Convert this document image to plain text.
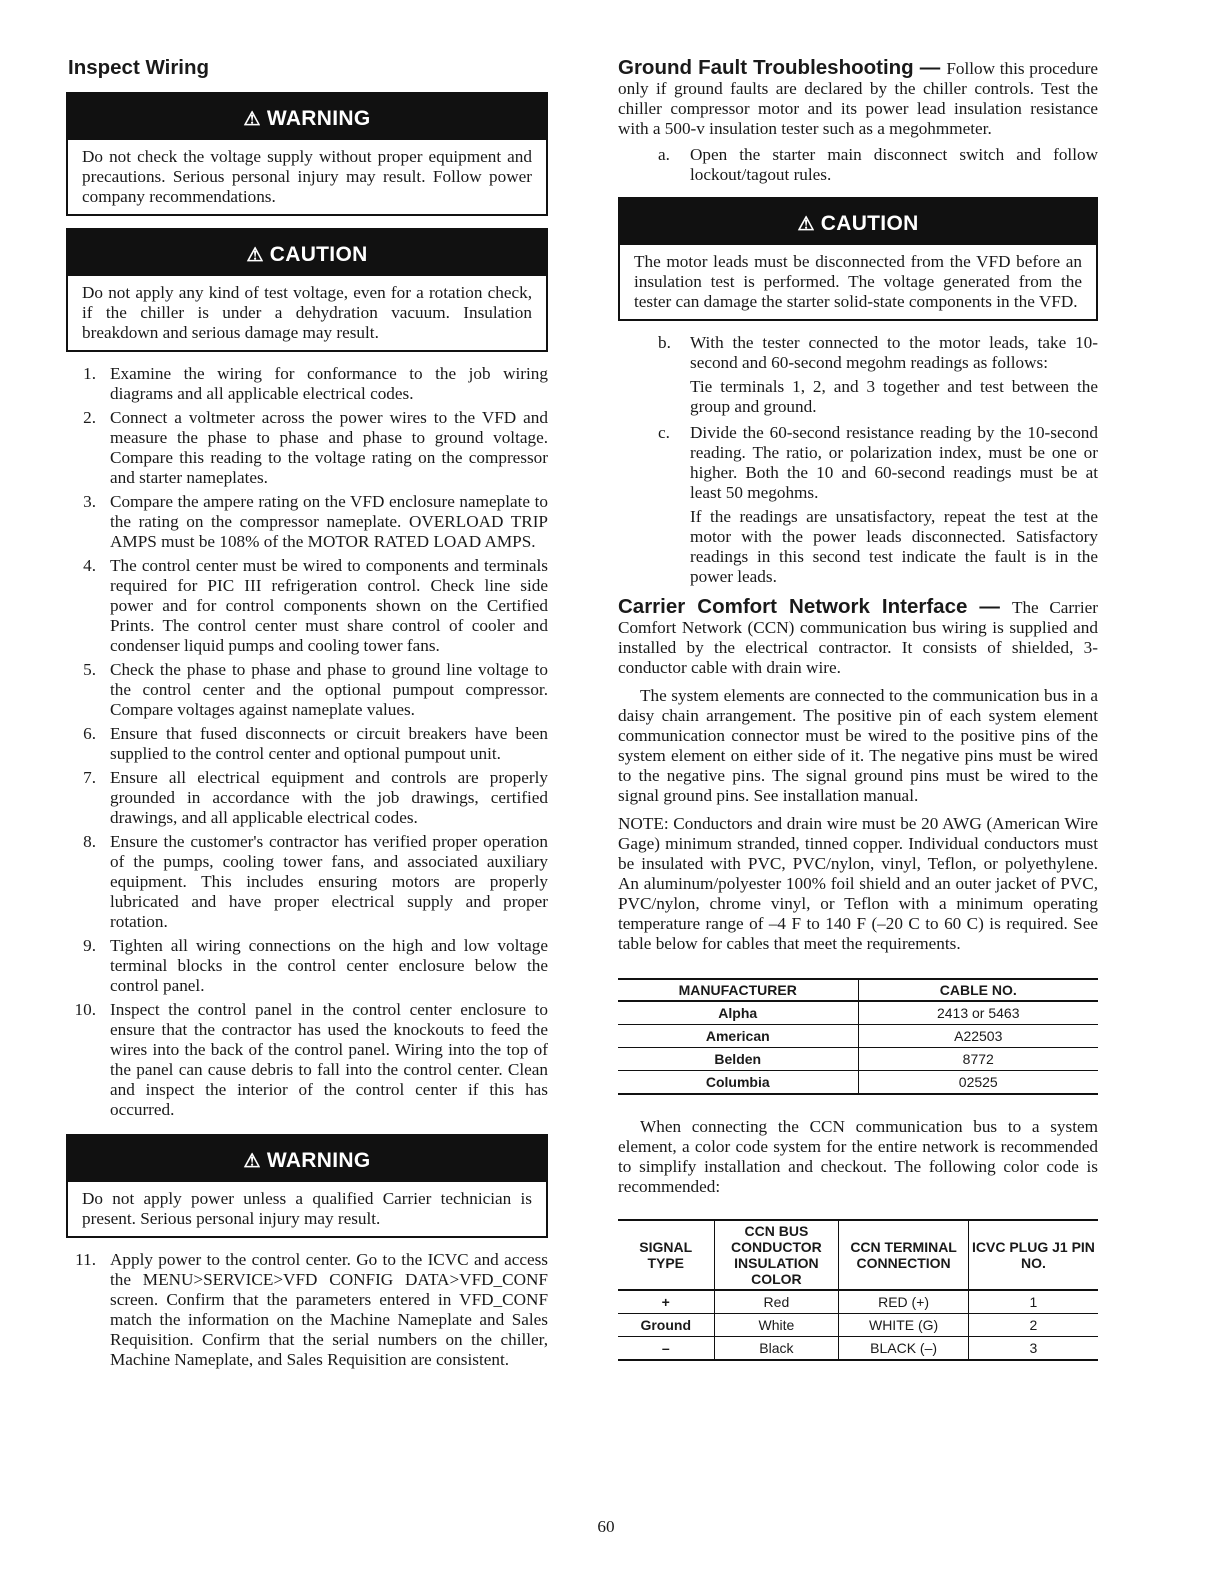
Inspect Wiring
⚠ WARNING
Do not check the voltage supply without proper equipment and precautions. Serious personal injury may result. Follow power company recommendations.
⚠ CAUTION
Do not apply any kind of test voltage, even for a rotation check, if the chiller is under a dehydration vacuum. Insulation breakdown and serious damage may result.
1. Examine the wiring for conformance to the job wiring diagrams and all applicable electrical codes.
2. Connect a voltmeter across the power wires to the VFD and measure the phase to phase and phase to ground voltage. Compare this reading to the voltage rating on the compressor and starter nameplates.
3. Compare the ampere rating on the VFD enclosure nameplate to the rating on the compressor nameplate. OVERLOAD TRIP AMPS must be 108% of the MOTOR RATED LOAD AMPS.
4. The control center must be wired to components and terminals required for PIC III refrigeration control. Check line side power and for control components shown on the Certified Prints. The control center must share control of cooler and condenser liquid pumps and cooling tower fans.
5. Check the phase to phase and phase to ground line voltage to the control center and the optional pumpout compressor. Compare voltages against nameplate values.
6. Ensure that fused disconnects or circuit breakers have been supplied to the control center and optional pumpout unit.
7. Ensure all electrical equipment and controls are properly grounded in accordance with the job drawings, certified drawings, and all applicable electrical codes.
8. Ensure the customer's contractor has verified proper operation of the pumps, cooling tower fans, and associated auxiliary equipment. This includes ensuring motors are properly lubricated and have proper electrical supply and proper rotation.
9. Tighten all wiring connections on the high and low voltage terminal blocks in the control center enclosure below the control panel.
10. Inspect the control panel in the control center enclosure to ensure that the contractor has used the knockouts to feed the wires into the back of the control panel. Wiring into the top of the panel can cause debris to fall into the control center. Clean and inspect the interior of the control center if this has occurred.
⚠ WARNING
Do not apply power unless a qualified Carrier technician is present. Serious personal injury may result.
11. Apply power to the control center. Go to the ICVC and access the MENU>SERVICE>VFD CONFIG DATA>VFD_CONF screen. Confirm that the parameters entered in VFD_CONF match the information on the Machine Nameplate and Sales Requisition. Confirm that the serial numbers on the chiller, Machine Nameplate, and Sales Requisition are consistent.

Ground Fault Troubleshooting — Follow this procedure only if ground faults are declared by the chiller controls. Test the chiller compressor motor and its power lead insulation resistance with a 500-v insulation tester such as a megohmmeter.

a. Open the starter main disconnect switch and follow lockout/tagout rules.
⚠ CAUTION
The motor leads must be disconnected from the VFD before an insulation test is performed. The voltage generated from the tester can damage the starter solid-state components in the VFD.
b. With the tester connected to the motor leads, take 10-second and 60-second megohm readings as follows:

Tie terminals 1, 2, and 3 together and test between the group and ground.

c. Divide the 60-second resistance reading by the 10-second reading. The ratio, or polarization index, must be one or higher. Both the 10 and 60-second readings must be at least 50 megohms.

If the readings are unsatisfactory, repeat the test at the motor with the power leads disconnected. Satisfactory readings in this second test indicate the fault is in the power leads.

Carrier Comfort Network Interface — The Carrier Comfort Network (CCN) communication bus wiring is supplied and installed by the electrical contractor. It consists of shielded, 3-conductor cable with drain wire.

The system elements are connected to the communication bus in a daisy chain arrangement. The positive pin of each system element communication connector must be wired to the positive pins of the system element on either side of it. The negative pins must be wired to the negative pins. The signal ground pins must be wired to the signal ground pins. See installation manual.

NOTE: Conductors and drain wire must be 20 AWG (American Wire Gage) minimum stranded, tinned copper. Individual conductors must be insulated with PVC, PVC/nylon, vinyl, Teflon, or polyethylene. An aluminum/polyester 100% foil shield and an outer jacket of PVC, PVC/nylon, chrome vinyl, or Teflon with a minimum operating temperature range of –4 F to 140 F (–20 C to 60 C) is required. See table below for cables that meet the requirements.

MANUFACTURER	CABLE NO.
Alpha	2413 or 5463
American	A22503
Belden	8772
Columbia	02525

When connecting the CCN communication bus to a system element, a color code system for the entire network is recommended to simplify installation and checkout. The following color code is recommended:

SIGNAL TYPE	CCN BUS CONDUCTOR INSULATION COLOR	CCN TERMINAL CONNECTION	ICVC PLUG J1 PIN NO.
+	Red	RED (+)	1
Ground	White	WHITE (G)	2
–	Black	BLACK (–)	3
60
